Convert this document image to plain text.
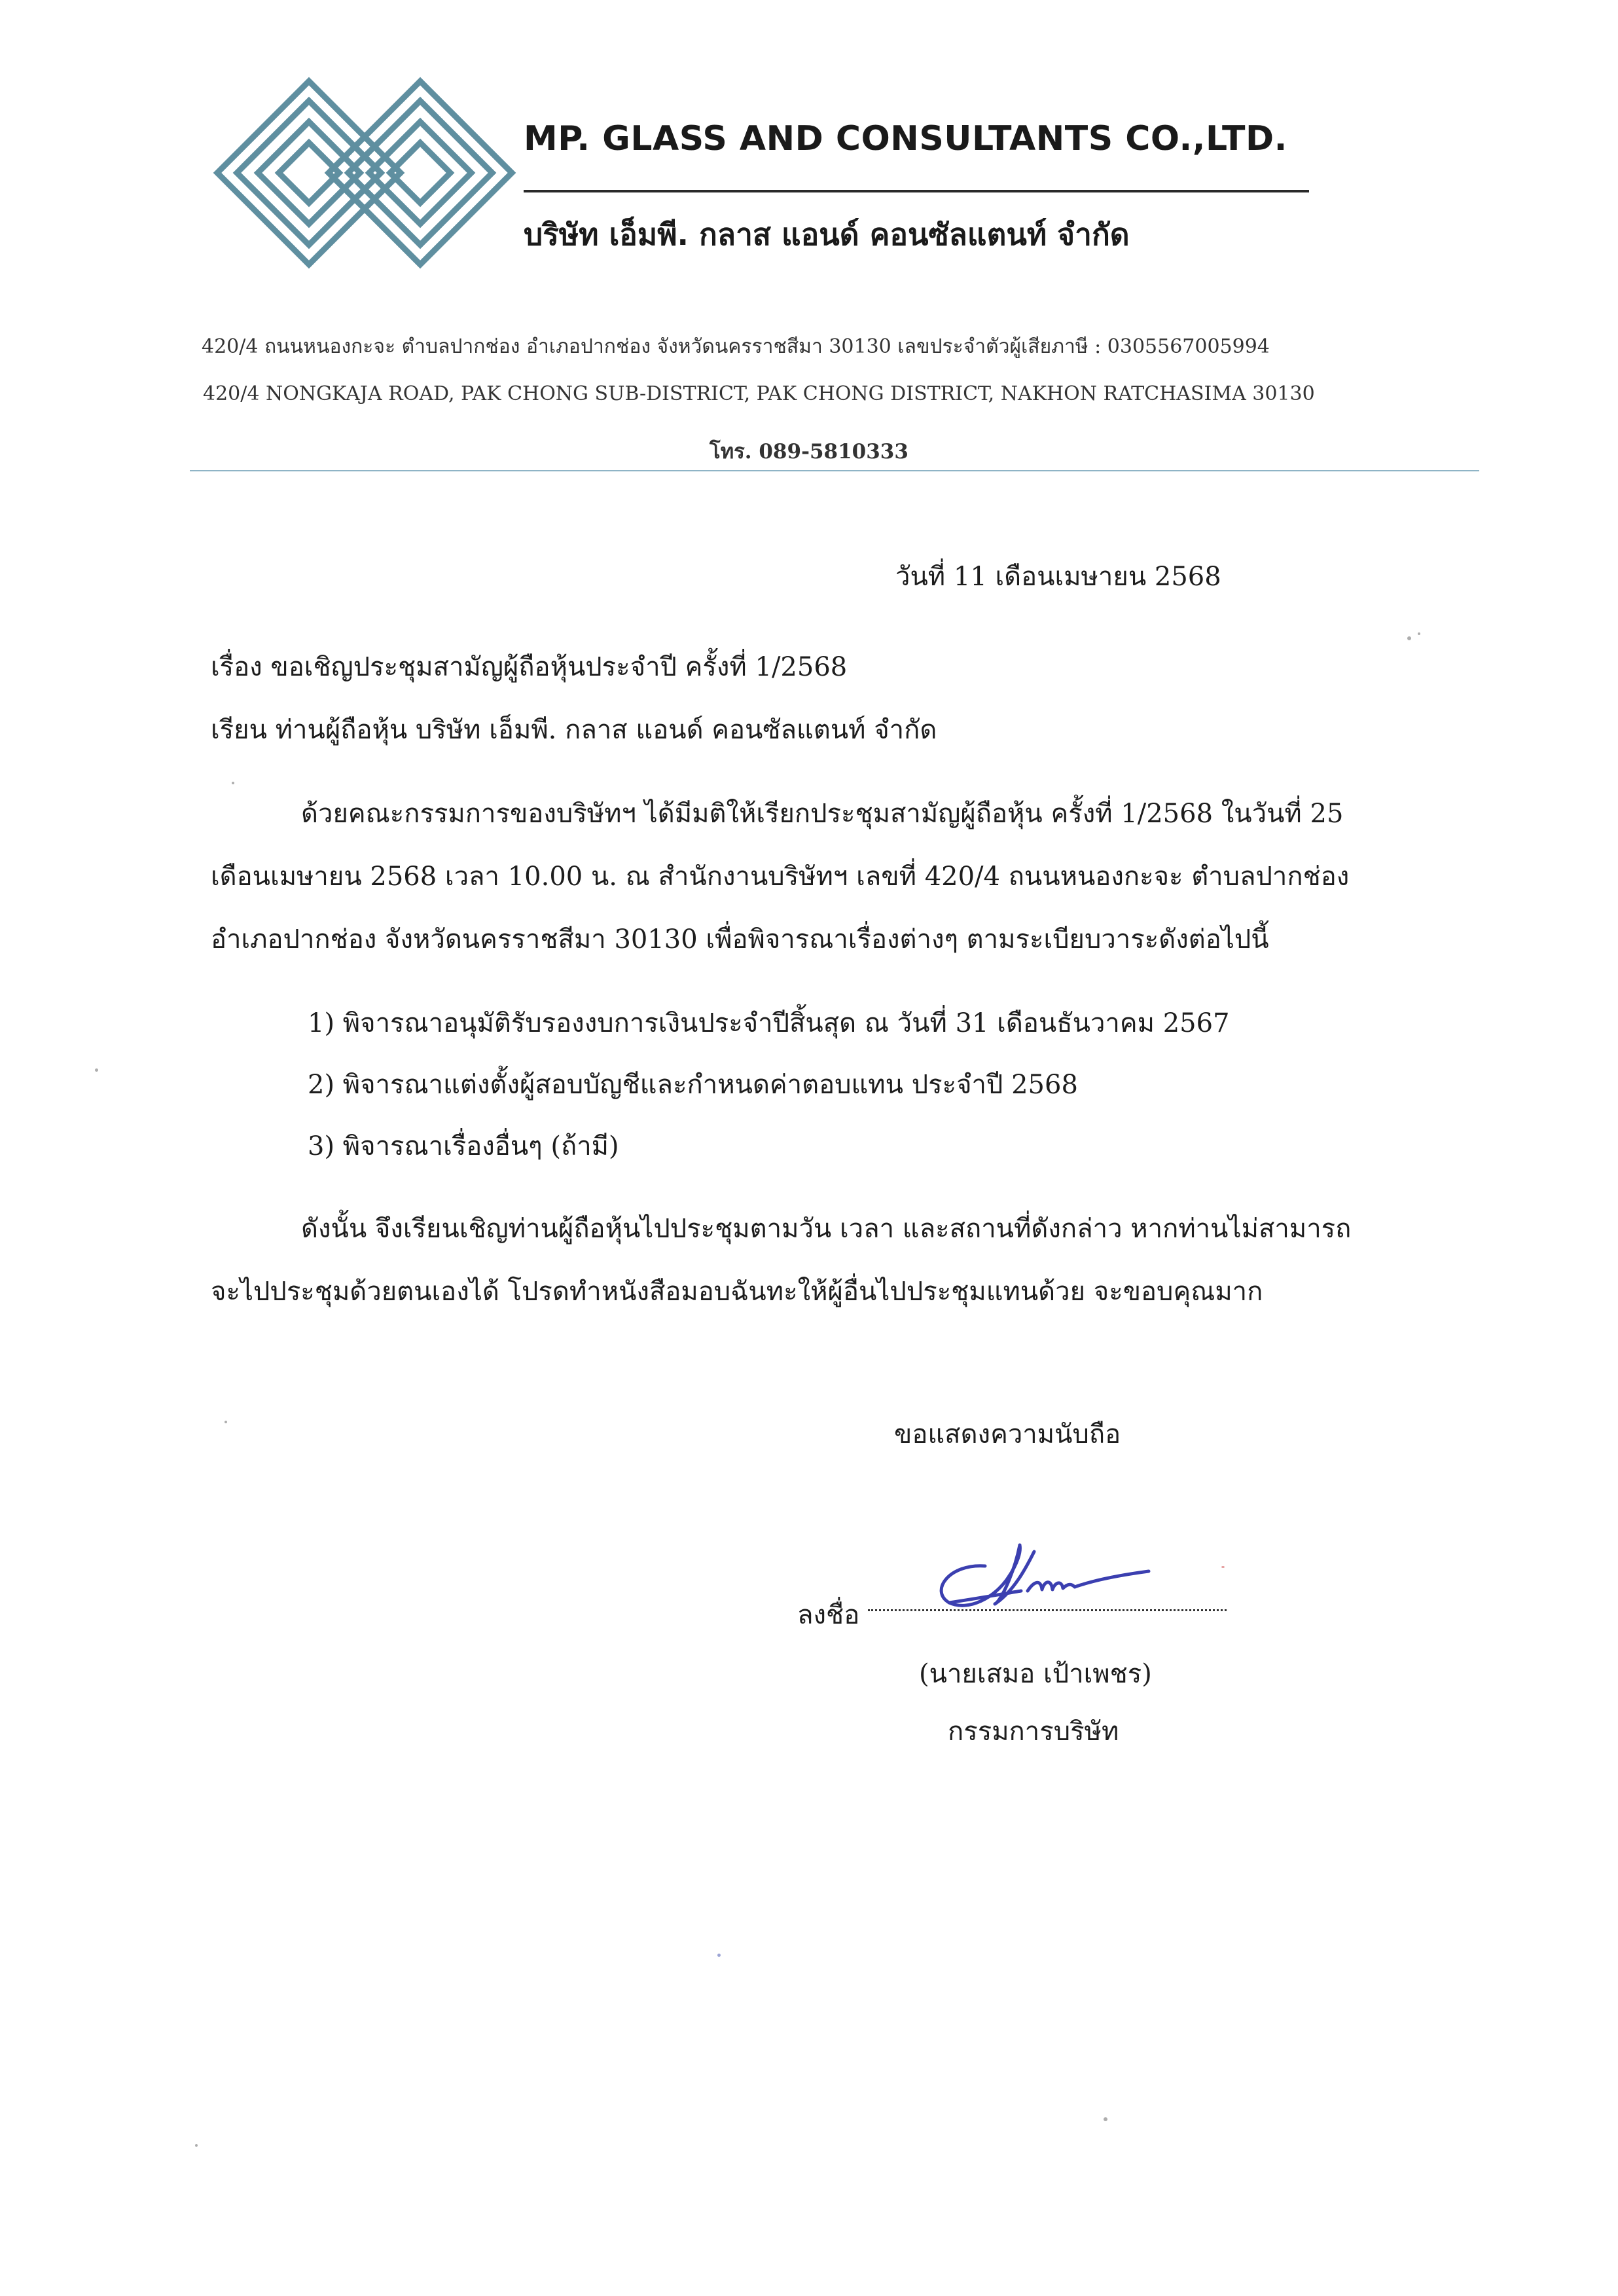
MP. GLASS AND CONSULTANTS CO.,LTD.
บริษัท เอ็มพี. กลาส แอนด์ คอนซัลแตนท์ จำกัด
420/4 ถนนหนองกะจะ ตำบลปากช่อง อำเภอปากช่อง จังหวัดนครราชสีมา 30130 เลขประจำตัวผู้เสียภาษี : 0305567005994
420/4 NONGKAJA ROAD, PAK CHONG SUB-DISTRICT, PAK CHONG DISTRICT, NAKHON RATCHASIMA 30130
โทร. 089-5810333
วันที่ 11 เดือนเมษายน 2568
เรื่อง ขอเชิญประชุมสามัญผู้ถือหุ้นประจำปี ครั้งที่ 1/2568
เรียน ท่านผู้ถือหุ้น บริษัท เอ็มพี. กลาส แอนด์ คอนซัลแตนท์ จำกัด
ด้วยคณะกรรมการของบริษัทฯ ได้มีมติให้เรียกประชุมสามัญผู้ถือหุ้น ครั้งที่ 1/2568 ในวันที่ 25
เดือนเมษายน 2568 เวลา 10.00 น. ณ สำนักงานบริษัทฯ เลขที่ 420/4 ถนนหนองกะจะ ตำบลปากช่อง
อำเภอปากช่อง จังหวัดนครราชสีมา 30130 เพื่อพิจารณาเรื่องต่างๆ ตามระเบียบวาระดังต่อไปนี้
1) พิจารณาอนุมัติรับรองงบการเงินประจำปีสิ้นสุด ณ วันที่ 31 เดือนธันวาคม 2567
2) พิจารณาแต่งตั้งผู้สอบบัญชีและกำหนดค่าตอบแทน ประจำปี 2568
3) พิจารณาเรื่องอื่นๆ (ถ้ามี)
ดังนั้น จึงเรียนเชิญท่านผู้ถือหุ้นไปประชุมตามวัน เวลา และสถานที่ดังกล่าว หากท่านไม่สามารถ
จะไปประชุมด้วยตนเองได้ โปรดทำหนังสือมอบฉันทะให้ผู้อื่นไปประชุมแทนด้วย จะขอบคุณมาก
ขอแสดงความนับถือ
ลงชื่อ
(นายเสมอ เป้าเพชร)
กรรมการบริษัท
